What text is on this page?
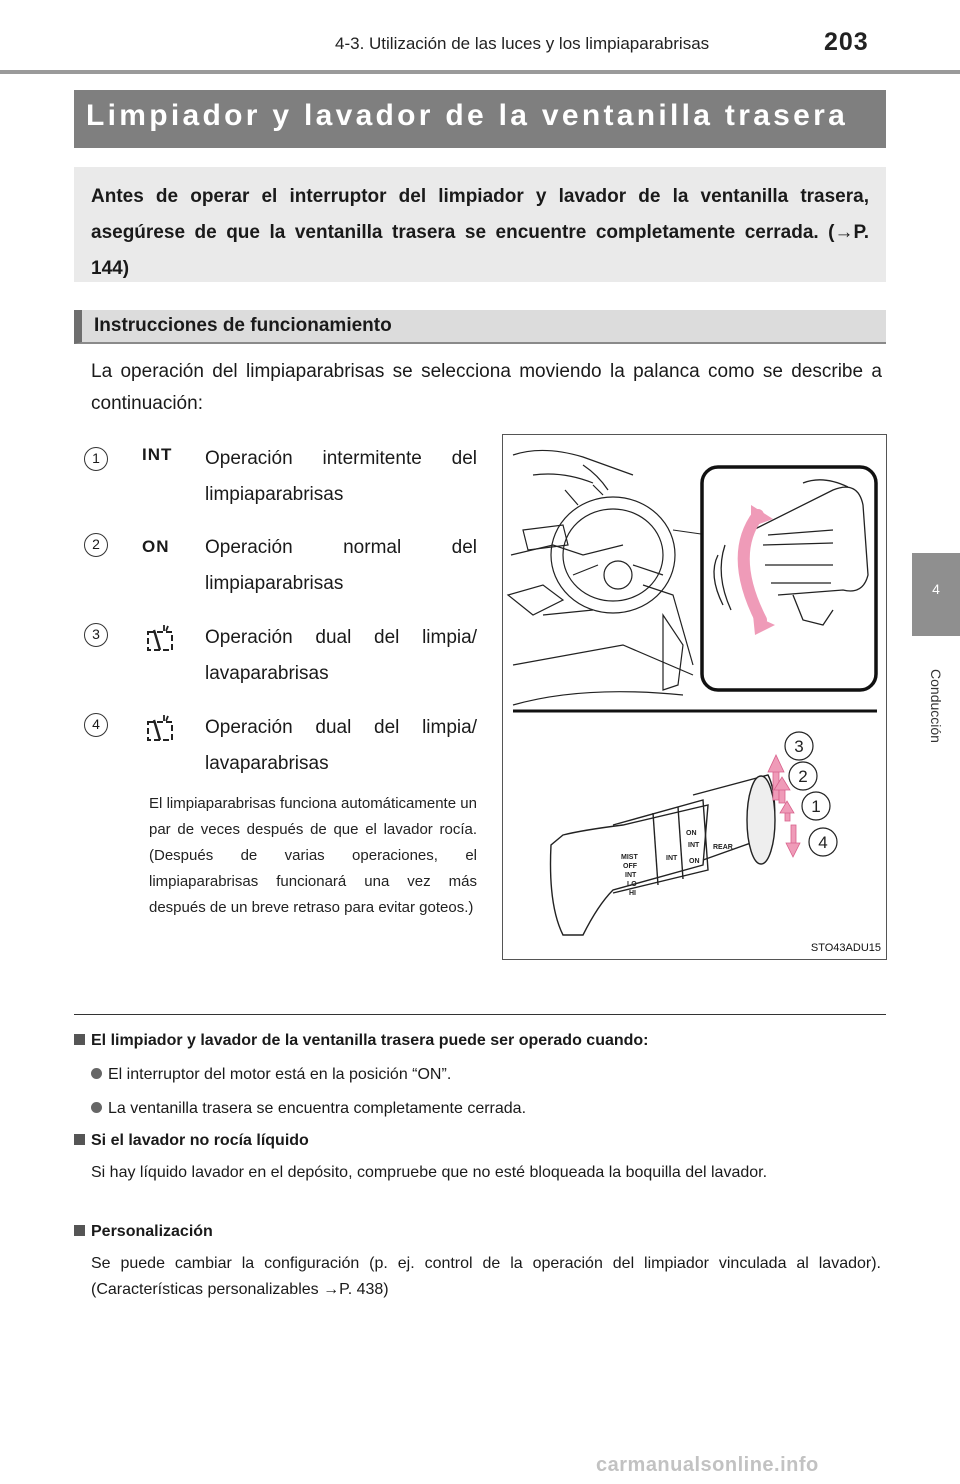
4-3. Utilización de las luces y los limpiaparabrisas	203
4
Conducción
Limpiador y lavador de la ventanilla trasera
Antes de operar el interruptor del limpiador y lavador de la ventanilla trasera, asegúrese de que la ventanilla trasera se encuentre completamente cerrada. (→P. 144)
Instrucciones de funcionamiento
La operación del limpiaparabrisas se selecciona moviendo la palanca como se describe a continuación:
1	INT Operación intermitente del
limpiaparabrisas
2	ON Operación normal del
limpiaparabrisas
3	Operación dual del limpia/
lavaparabrisas
4	Operación dual del limpia/
lavaparabrisas
El limpiaparabrisas funciona automáticamente un par de veces después de que el lavador rocía. (Después de varias operaciones, el limpiaparabrisas funcionará una vez más después de un breve retraso para evitar goteos.)
MIST
OFF
INT
LO
HI
INT
INT
ON
ON
REAR
3
2
1
4
STO43ADU15
El limpiador y lavador de la ventanilla trasera puede ser operado cuando:
El interruptor del motor está en la posición “ON”.
La ventanilla trasera se encuentra completamente cerrada.
Si el lavador no rocía líquido
Si hay líquido lavador en el depósito, compruebe que no esté bloqueada la boquilla del lavador.
Personalización
Se puede cambiar la configuración (p. ej. control de la operación del limpiador vinculada al lavador). (Características personalizables →P. 438)
carmanualsonline.info
